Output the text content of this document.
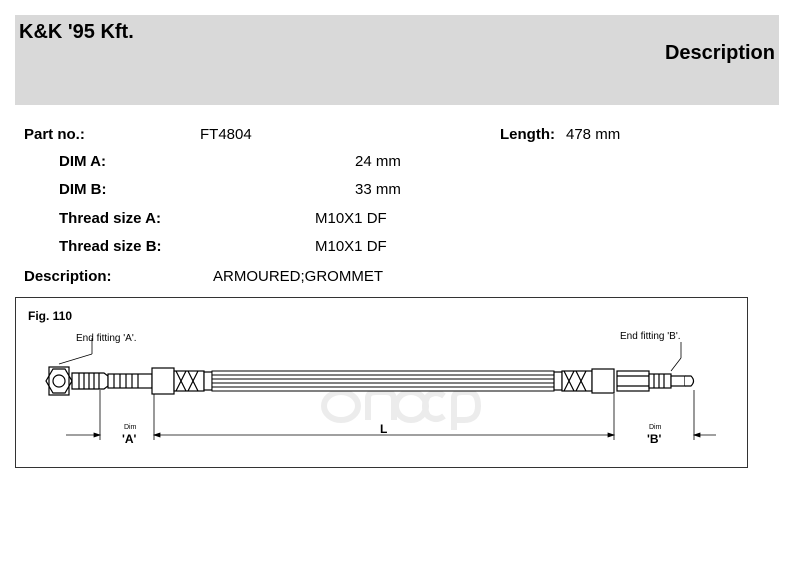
K&K '95 Kft.
Description
Part no.:	FT4804	Length: 478 mm
DIM A:	24 mm
DIM B:	33 mm
Thread size A:	M10X1 DF
Thread size B:	M10X1 DF
Description:	ARMOURED;GROMMET
Fig. 110
End fitting 'A'.	End fitting 'B'.
Dim
'A'
L	Dim
'B'
